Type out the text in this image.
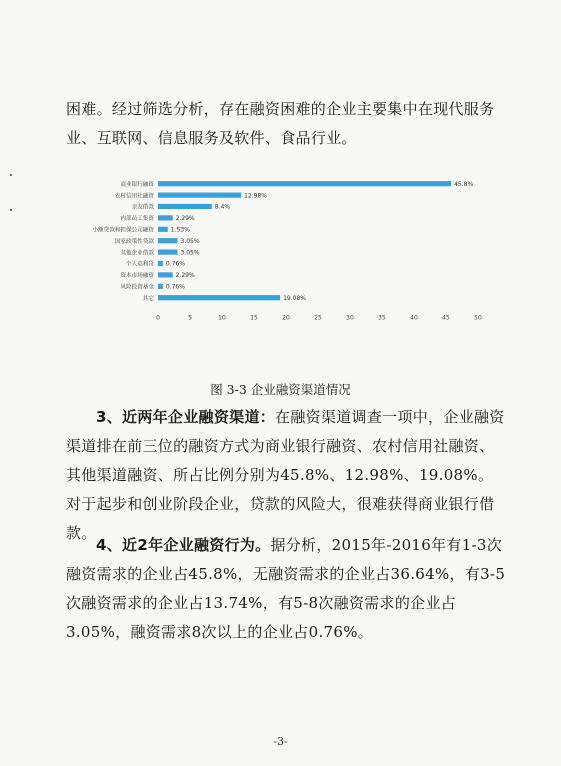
困难。经过筛选分析，存在融资困难的企业主要集中在现代服务业、互联网、信息服务及软件、食品行业。

商业银行融资	45.8%
农村信用社融资	12.98%
亲友借款	8.4%
内部员工集资	2.29%
小额贷款和担保公司融资	1.53%
国家政策性贷款	3.05%
其他企业借款	3.05%
个人高利贷 0.76%
资本市场融资	2.29%
风险投资基金 0.76%
其它	19.08%
0	5	10	15	20	25	30	35	40	45	50
图 3-3 企业融资渠道情况

3、近两年企业融资渠道：在融资渠道调查一项中，企业融资渠道排在前三位的融资方式为商业银行融资、农村信用社融资、其他渠道融资、所占比例分别为45.8%、12.98%、19.08%。对于起步和创业阶段企业，贷款的风险大，很难获得商业银行借款。

4、近2年企业融资行为。据分析，2015年-2016年有1-3次融资需求的企业占45.8%，无融资需求的企业占36.64%，有3-5次融资需求的企业占13.74%，有5-8次融资需求的企业占3.05%，融资需求8次以上的企业占0.76%。

-3-
